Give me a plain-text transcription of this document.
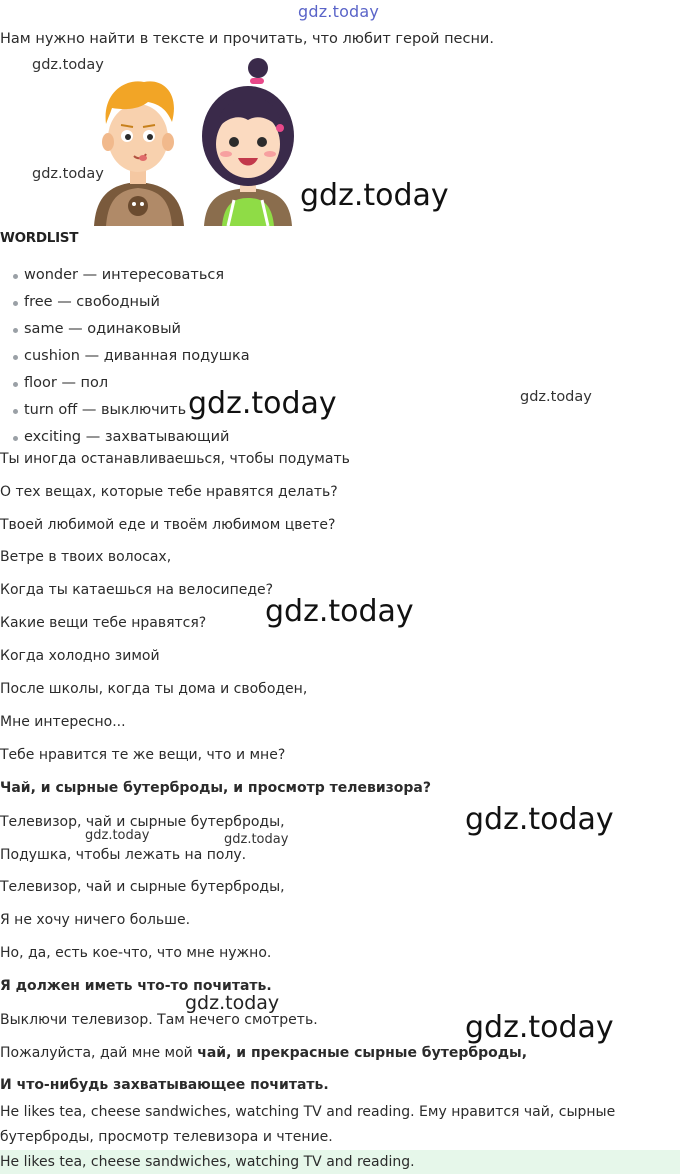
gdz.today
Нам нужно найти в тексте и прочитать, что любит герой песни.
gdz.today
gdz.today
gdz.today
WORDLIST
wonder — интересоваться
free — свободный
same — одинаковый
cushion — диванная подушка
floor — пол
turn off — выключить
exciting — захватывающий
gdz.today	gdz.today
Ты иногда останавливаешься, чтобы подумать
О тех вещах, которые тебе нравятся делать?
Твоей любимой еде и твоём любимом цвете?
Ветре в твоих волосах,
Когда ты катаешься на велосипеде?
Какие вещи тебе нравятся?
Когда холодно зимой
После школы, когда ты дома и свободен,
Мне интересно...
Тебе нравится те же вещи, что и мне?
Чай, и сырные бутерброды, и просмотр телевизора?
Телевизор, чай и сырные бутерброды,
Подушка, чтобы лежать на полу.
Телевизор, чай и сырные бутерброды,
Я не хочу ничего больше.
Но, да, есть кое-что, что мне нужно.
Я должен иметь что-то почитать.
Выключи телевизор. Там нечего смотреть.
Пожалуйста, дай мне мой чай, и прекрасные сырные бутерброды,
И что-нибудь захватывающее почитать.
gdz.today
gdz.today
gdz.today	gdz.today
gdz.today
gdz.today
He likes tea, cheese sandwiches, watching TV and reading. Ему нравится чай, сырные бутерброды, просмотр телевизора и чтение.
He likes tea, cheese sandwiches, watching TV and reading.
